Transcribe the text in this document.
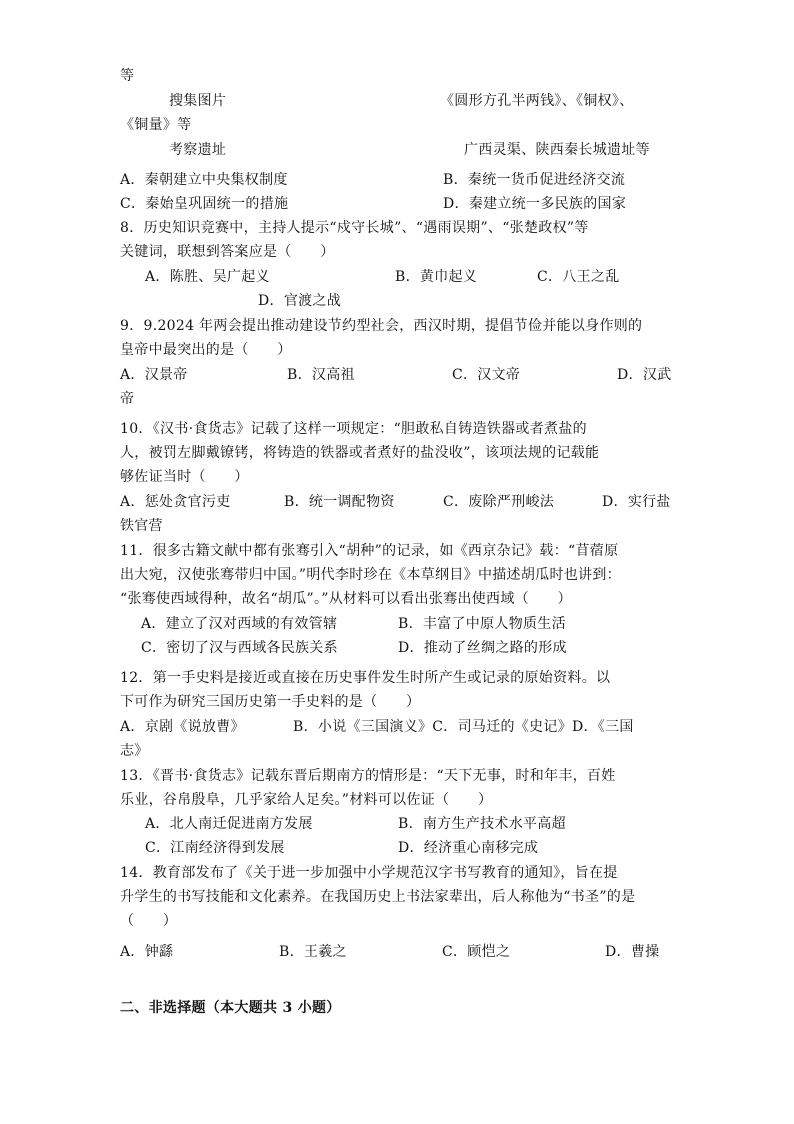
等
搜集图片	《圆形方孔半两钱》、《铜权》、
《铜量》等
考察遗址	广西灵渠、陕西秦长城遗址等
A．秦朝建立中央集权制度	B．秦统一货币促进经济交流
C．秦始皇巩固统一的措施	D．秦建立统一多民族的国家
8．历史知识竞赛中，主持人提示“戍守长城”、“遇雨误期”、“张楚政权”等
关键词，联想到答案应是（　　）
A．陈胜、吴广起义	B．黄巾起义	C．八王之乱
D．官渡之战
9．9.2024 年两会提出推动建设节约型社会，西汉时期，提倡节俭并能以身作则的
皇帝中最突出的是（　　）
A．汉景帝	B．汉高祖	C．汉文帝	D．汉武
帝
10．《汉书·食货志》记载了这样一项规定：“胆敢私自铸造铁器或者煮盐的
人，被罚左脚戴镣铐，将铸造的铁器或者煮好的盐没收”，该项法规的记载能
够佐证当时（　　）
A．惩处贪官污吏	B．统一调配物资	C．废除严刑峻法	D．实行盐
铁官营
11．很多古籍文献中都有张骞引入“胡种”的记录，如《西京杂记》载：“苜蓿原
出大宛，汉使张骞带归中国。”明代李时珍在《本草纲目》中描述胡瓜时也讲到：
“张骞使西域得种，故名“胡瓜”。”从材料可以看出张骞出使西域（　　）
A．建立了汉对西域的有效管辖	B．丰富了中原人物质生活
C．密切了汉与西域各民族关系	D．推动了丝绸之路的形成
12．第一手史料是接近或直接在历史事件发生时所产生或记录的原始资料。以
下可作为研究三国历史第一手史料的是（　　）
A．京剧《说放曹》	B．小说《三国演义》C．司马迁的《史记》D．《三国
志》
13．《晋书·食货志》记载东晋后期南方的情形是：“天下无事，时和年丰，百姓
乐业，谷帛殷阜，几乎家给人足矣。”材料可以佐证（　　）
A．北人南迁促进南方发展	B．南方生产技术水平高超
C．江南经济得到发展	D．经济重心南移完成
14．教育部发布了《关于进一步加强中小学规范汉字书写教育的通知》，旨在提
升学生的书写技能和文化素养。在我国历史上书法家辈出，后人称他为“书圣”的是
（　　）
A．钟繇	B．王羲之	C．顾恺之	D．曹操
二、非选择题（本大题共 3 小题）
